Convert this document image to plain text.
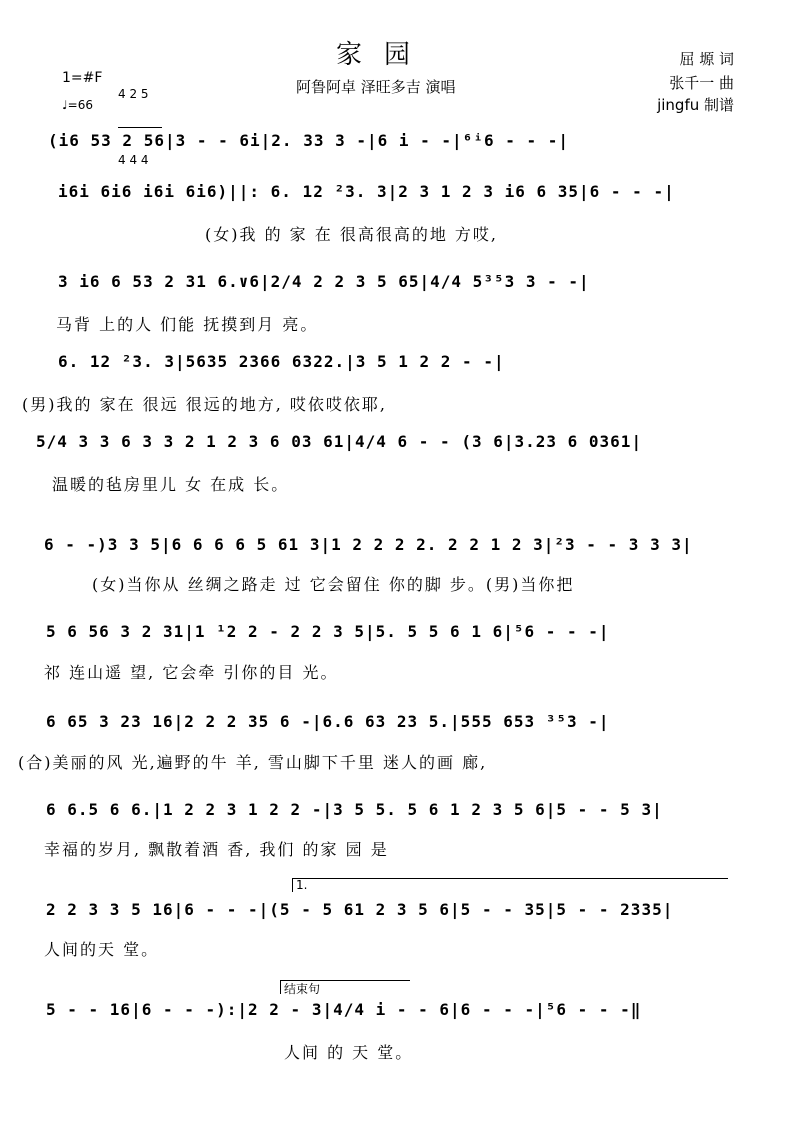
家园
阿鲁阿卓 泽旺多吉 演唱
屈 塬 词
张千一 曲
jingfu 制谱
1=#F

4 2 5

4 4 4

♩=66
(i6 53 2 56|3 - - 6i|2. 33 3 -|6 i - -|⁶ⁱ6 - - -|
i6i 6i6 i6i 6i6)||: 6. 12 ²3. 3|2 3 1 2 3 i6 6 35|6 - - -|
(女)我 的 家 在 很高很高的地 方哎,
3 i6 6 53 2 31 6.∨6|2/4 2 2 3 5 65|4/4 5³⁵3 3 - -|
马背 上的人 们能 抚摸到月 亮。
6. 12 ²3. 3|5635 2366 6322.|3 5 1 2 2 - -|
(男)我的 家在 很远 很远的地方, 哎依哎依耶,
5/4 3 3 6 3 3 2 1 2 3 6 03 61|4/4 6 - - (3 6|3.23 6 0361|
温暖的毡房里儿 女 在成 长。
6 - -)3 3 5|6 6 6 6 5 61 3|1 2 2 2 2. 2 2 1 2 3|²3 - - 3 3 3|
(女)当你从 丝绸之路走 过 它会留住 你的脚 步。(男)当你把
5 6 56 3 2 31|1 ¹2 2 - 2 2 3 5|5. 5 5 6 1 6|⁵6 - - -|
祁 连山遥 望, 它会牵 引你的目 光。
6 65 3 23 16|2 2 2 35 6 -|6.6 63 23 5.|555 653 ³⁵3 -|
(合)美丽的风 光,遍野的牛 羊, 雪山脚下千里 迷人的画 廊,
6 6.5 6 6.|1 2 2 3 1 2 2 -|3 5 5. 5 6 1 2 3 5 6|5 - - 5 3|
幸福的岁月, 飘散着酒 香, 我们 的家 园 是
1.
2 2 3 3 5 16|6 - - -|(5 - 5 61 2 3 5 6|5 - - 35|5 - - 2335|
人间的天 堂。
结束句
5 - - 16|6 - - -):|2 2 - 3|4/4 i - - 6|6 - - -|⁵6 - - -‖
人间 的 天 堂。
